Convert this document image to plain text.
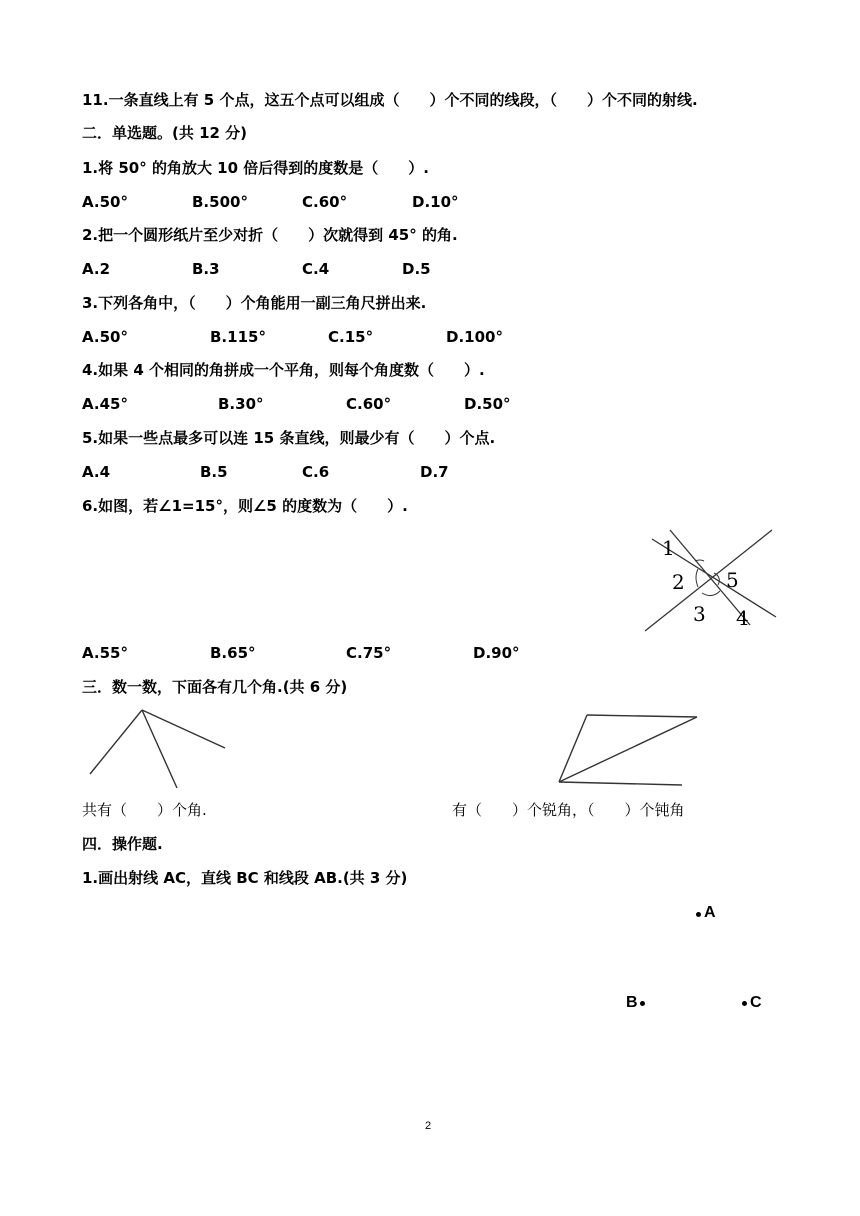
11.一条直线上有 5 个点，这五个点可以组成（　　）个不同的线段，（　　）个不同的射线.
二．单选题。(共 12 分)
1.将 50° 的角放大 10 倍后得到的度数是（　　）.
A.50°	B.500°	C.60°	D.10°
2.把一个圆形纸片至少对折（　　）次就得到 45° 的角.
A.2	B.3	C.4	D.5
3.下列各角中，（　　）个角能用一副三角尺拼出来.
A.50°	B.115°	C.15°	D.100°
4.如果 4 个相同的角拼成一个平角，则每个角度数（　　）.
A.45°	B.30°	C.60°	D.50°
5.如果一些点最多可以连 15 条直线，则最少有（　　）个点.
A.4	B.5	C.6	D.7
6.如图，若∠1=15°，则∠5 的度数为（　　）.
1
2
3 4
5
A.55°	B.65°	C.75°	D.90°
三．数一数，下面各有几个角.(共 6 分)
共有（　　）个角.	有（　　）个锐角，（　　）个钝角
四．操作题.
1.画出射线 AC，直线 BC 和线段 AB.(共 3 分)
A
B	C
2
